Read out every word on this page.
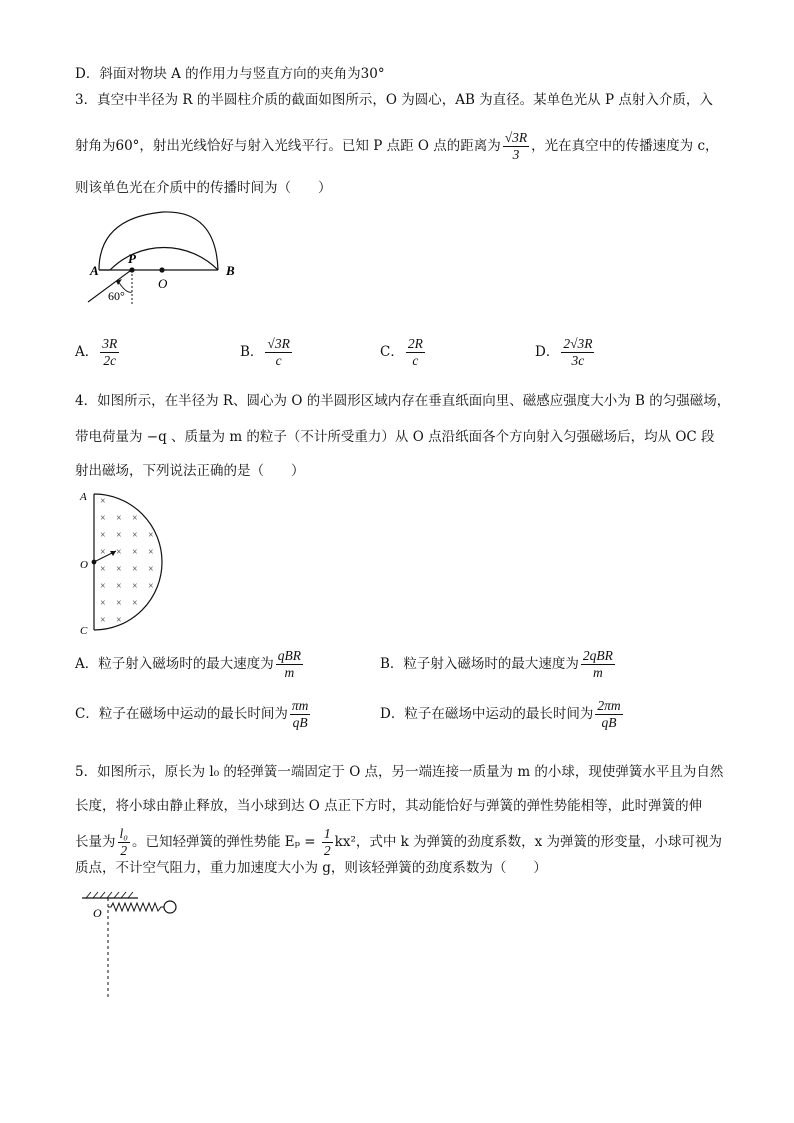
D．斜面对物块 A 的作用力与竖直方向的夹角为30°
3．真空中半径为 R 的半圆柱介质的截面如图所示，O 为圆心，AB 为直径。某单色光从 P 点射入介质，入
射角为60°，射出光线恰好与射入光线平行。已知 P 点距 O 点的距离为 $\frac{√3R}{3}$ ，光在真空中的传播速度为 c，
则该单色光在介质中的传播时间为（　　）
A
P
O
B
60°
A． $\frac{3R}{2c}$	B． $\frac{√3R}{c}$	C． $\frac{2R}{c}$	D． $\frac{2√3R}{3c}$
4．如图所示，在半径为 R、圆心为 O 的半圆形区域内存在垂直纸面向里、磁感应强度大小为 B 的匀强磁场，
带电荷量为 −q 、质量为 m 的粒子（不计所受重力）从 O 点沿纸面各个方向射入匀强磁场后，均从 OC 段
射出磁场，下列说法正确的是（　　）
×
× × ×
× × × ×
× × × ×
× × × ×
× × × ×
× × ×
× ×
A
O
C
A．粒子射入磁场时的最大速度为 $\frac{\text{qBR}}{m}$	B．粒子射入磁场时的最大速度为 $\frac{\text{2qBR}}{m}$
C．粒子在磁场中运动的最长时间为 $\frac{\pi m}{qB}$	D．粒子在磁场中运动的最长时间为 $\frac{2\pi m}{qB}$
5．如图所示，原长为 l₀ 的轻弹簧一端固定于 O 点，另一端连接一质量为 m 的小球，现使弹簧水平且为自然
长度，将小球由静止释放，当小球到达 O 点正下方时，其动能恰好与弹簧的弹性势能相等，此时弹簧的伸
长量为 $\frac{\text{l₀}}{2}$ 。已知轻弹簧的弹性势能 $E_p = \frac{1}{2} kx^2$，式中 k 为弹簧的劲度系数，x 为弹簧的形变量，小球可视为
质点，不计空气阻力，重力加速度大小为 g，则该轻弹簧的劲度系数为（　　）
O
